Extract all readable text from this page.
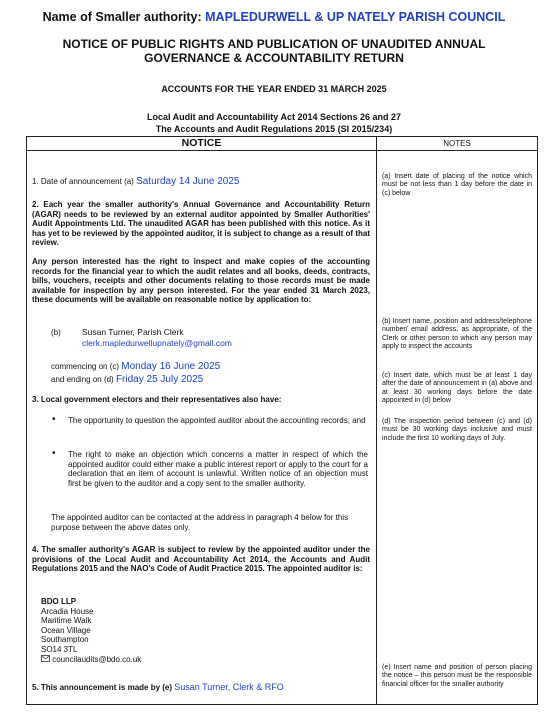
Name of Smaller authority: MAPLEDURWELL & UP NATELY PARISH COUNCIL
NOTICE OF PUBLIC RIGHTS AND PUBLICATION OF UNAUDITED ANNUAL
GOVERNANCE & ACCOUNTABILITY RETURN
ACCOUNTS FOR THE YEAR ENDED 31 MARCH 2025
Local Audit and Accountability Act 2014 Sections 26 and 27
The Accounts and Audit Regulations 2015 (SI 2015/234)
NOTICE	NOTES
1. Date of announcement (a) Saturday 14 June 2025
2. Each year the smaller authority's Annual Governance and Accountability Return (AGAR) needs to be reviewed by an external auditor appointed by Smaller Authorities' Audit Appointments Ltd. The unaudited AGAR has been published with this notice. As it has yet to be reviewed by the appointed auditor, it is subject to change as a result of that review.
Any person interested has the right to inspect and make copies of the accounting records for the financial year to which the audit relates and all books, deeds, contracts, bills, vouchers, receipts and other documents relating to those records must be made available for inspection by any person interested. For the year ended 31 March 2023, these documents will be available on reasonable notice by application to:
(b) Susan Turner, Parish Clerk
clerk.mapledurwellupnately@gmail.com
commencing on (c) Monday 16 June 2025
and ending on (d) Friday 25 July 2025
3. Local government electors and their representatives also have:
• The opportunity to question the appointed auditor about the accounting records; and
• The right to make an objection which concerns a matter in respect of which the appointed auditor could either make a public interest report or apply to the court for a declaration that an item of account is unlawful. Written notice of an objection must first be given to the auditor and a copy sent to the smaller authority.
The appointed auditor can be contacted at the address in paragraph 4 below for this purpose between the above dates only.
4. The smaller authority's AGAR is subject to review by the appointed auditor under the provisions of the Local Audit and Accountability Act 2014, the Accounts and Audit Regulations 2015 and the NAO's Code of Audit Practice 2015. The appointed auditor is:
BDO LLP
Arcadia House
Maritime Walk
Ocean Village
Southampton
SO14 3TL
councilaudits@bdo.co.uk
5. This announcement is made by (e) Susan Turner, Clerk & RFO
(a) Insert date of placing of the notice which must be not less than 1 day before the date in (c) below
(b) Insert name, position and address/telephone number/ email address, as appropriate, of the Clerk or other person to which any person may apply to inspect the accounts
(c) Insert date, which must be at least 1 day after the date of announcement in (a) above and at least 30 working days before the date appointed in (d) below
(d) The inspection period between (c) and (d) must be 30 working days inclusive and must include the first 10 working days of July.
(e) Insert name and position of person placing the notice – this person must be the responsible financial officer for the smaller authority
